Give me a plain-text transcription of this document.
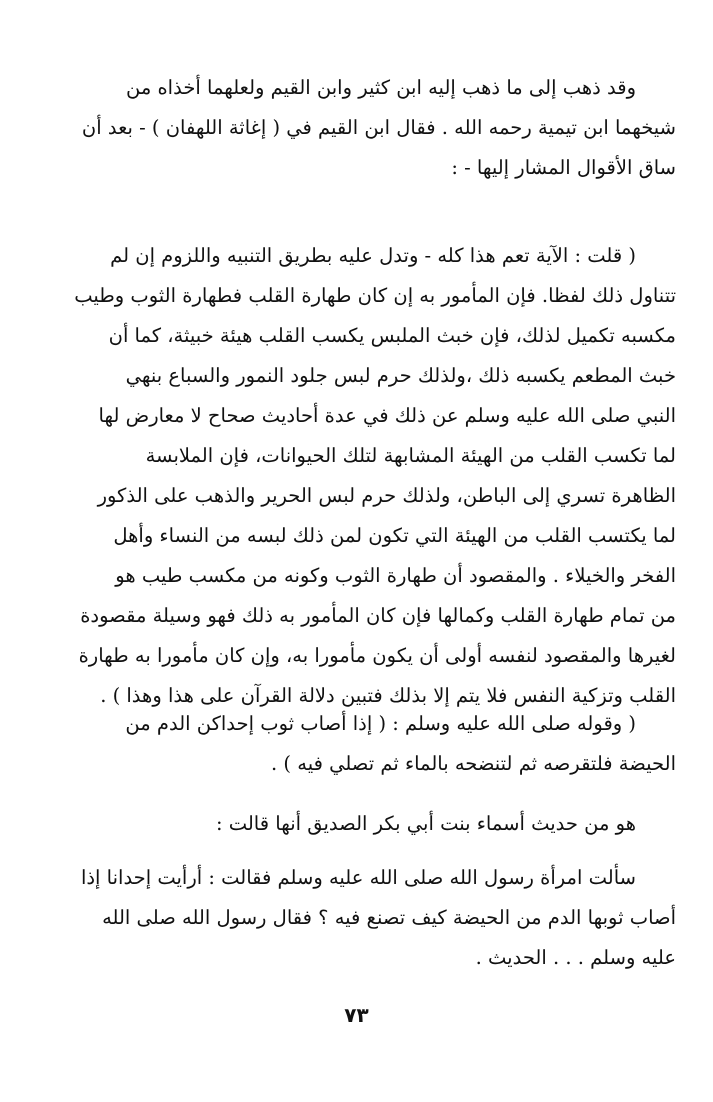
وقد ذهب إلى ما ذهب إليه ابن كثير وابن القيم ولعلهما أخذاه من
شيخهما ابن تيمية رحمه الله . فقال ابن القيم في ( إغاثة اللهفان ) - بعد أن
ساق الأقوال المشار إليها - :
( قلت : الآية تعم هذا كله - وتدل عليه بطريق التنبيه واللزوم إن لم
تتناول ذلك لفظا. فإن المأمور به إن كان طهارة القلب فطهارة الثوب وطيب
مكسبه تكميل لذلك، فإن خبث الملبس يكسب القلب هيئة خبيثة، كما أن
خبث المطعم يكسبه ذلك ،ولذلك حرم لبس جلود النمور والسباع بنهي
النبي صلى الله عليه وسلم عن ذلك في عدة أحاديث صحاح لا معارض لها
لما تكسب القلب من الهيئة المشابهة لتلك الحيوانات، فإن الملابسة
الظاهرة تسري إلى الباطن، ولذلك حرم لبس الحرير والذهب على الذكور
لما يكتسب القلب من الهيئة التي تكون لمن ذلك لبسه من النساء وأهل
الفخر والخيلاء . والمقصود أن طهارة الثوب وكونه من مكسب طيب هو
من تمام طهارة القلب وكمالها فإن كان المأمور به ذلك فهو وسيلة مقصودة
لغيرها والمقصود لنفسه أولى أن يكون مأمورا به، وإن كان مأمورا به طهارة
القلب وتزكية النفس فلا يتم إلا بذلك فتبين دلالة القرآن على هذا وهذا ) .
( وقوله صلى الله عليه وسلم : ( إذا أصاب ثوب إحداكن الدم من
الحيضة فلتقرصه ثم لتنضحه بالماء ثم تصلي فيه ) .
هو من حديث أسماء بنت أبي بكر الصديق أنها قالت :
سألت امرأة رسول الله صلى الله عليه وسلم فقالت : أرأيت إحدانا إذا
أصاب ثوبها الدم من الحيضة كيف تصنع فيه ؟ فقال رسول الله صلى الله
عليه وسلم . . . الحديث .
٧٣
